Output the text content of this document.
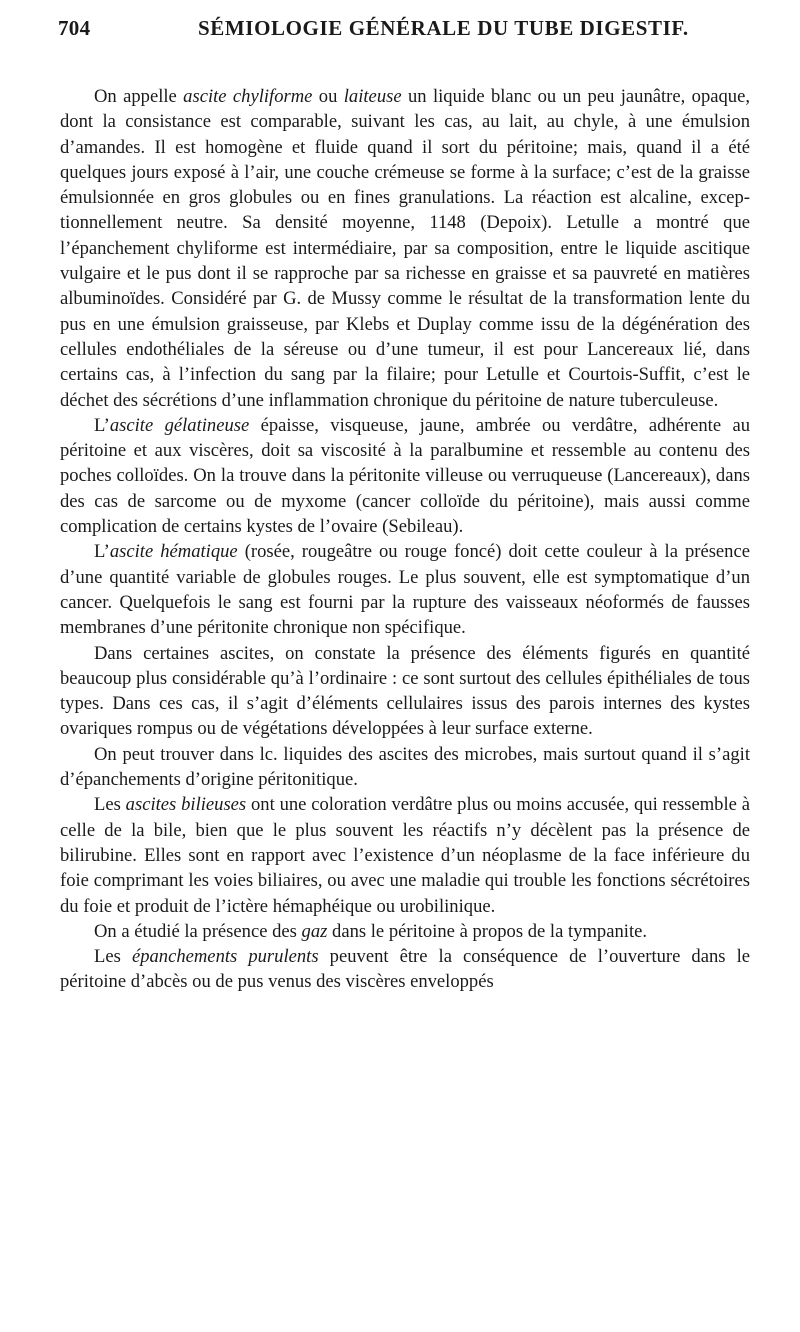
704	SÉMIOLOGIE GÉNÉRALE DU TUBE DIGESTIF.

On appelle ascite chyliforme ou laiteuse un liquide blanc ou un peu jaunâtre, opaque, dont la consistance est comparable, suivant les cas, au lait, au chyle, à une émulsion d’amandes. Il est homogène et fluide quand il sort du péritoine; mais, quand il a été quelques jours exposé à l’air, une couche crémeuse se forme à la surface; c’est de la graisse émulsionnée en gros globules ou en fines granulations. La réaction est alcaline, exceptionnellement neutre. Sa densité moyenne, 1148 (Depoix). Letulle a montré que l’épanchement chyliforme est intermédiaire, par sa composition, entre le liquide ascitique vulgaire et le pus dont il se rapproche par sa richesse en graisse et sa pauvreté en matières albuminoïdes. Considéré par G. de Mussy comme le résultat de la transformation lente du pus en une émulsion graisseuse, par Klebs et Duplay comme issu de la dégénération des cellules endothéliales de la séreuse ou d’une tumeur, il est pour Lancereaux lié, dans certains cas, à l’infection du sang par la filaire; pour Letulle et Courtois-Suffit, c’est le déchet des sécrétions d’une inflammation chronique du péritoine de nature tuberculeuse.

L’ascite gélatineuse épaisse, visqueuse, jaune, ambrée ou verdâtre, adhérente au péritoine et aux viscères, doit sa viscosité à la paralbumine et ressemble au contenu des poches colloïdes. On la trouve dans la péritonite villeuse ou verruqueuse (Lancereaux), dans des cas de sarcome ou de myxome (cancer colloïde du péritoine), mais aussi comme complication de certains kystes de l’ovaire (Sebileau).

L’ascite hématique (rosée, rougeâtre ou rouge foncé) doit cette couleur à la présence d’une quantité variable de globules rouges. Le plus souvent, elle est symptomatique d’un cancer. Quelquefois le sang est fourni par la rupture des vaisseaux néoformés de fausses membranes d’une péritonite chronique non spécifique.

Dans certaines ascites, on constate la présence des éléments figurés en quantité beaucoup plus considérable qu’à l’ordinaire : ce sont surtout des cellules épithéliales de tous types. Dans ces cas, il s’agit d’éléments cellulaires issus des parois internes des kystes ovariques rompus ou de végétations développées à leur surface externe.

On peut trouver dans lc. liquides des ascites des microbes, mais surtout quand il s’agit d’épanchements d’origine péritonitique.

Les ascites bilieuses ont une coloration verdâtre plus ou moins accusée, qui ressemble à celle de la bile, bien que le plus souvent les réactifs n’y décèlent pas la présence de bilirubine. Elles sont en rapport avec l’existence d’un néoplasme de la face inférieure du foie comprimant les voies biliaires, ou avec une maladie qui trouble les fonctions sécrétoires du foie et produit de l’ictère hémaphéique ou urobilinique.

On a étudié la présence des gaz dans le péritoine à propos de la tympanite.

Les épanchements purulents peuvent être la conséquence de l’ouverture dans le péritoine d’abcès ou de pus venus des viscères enveloppés
